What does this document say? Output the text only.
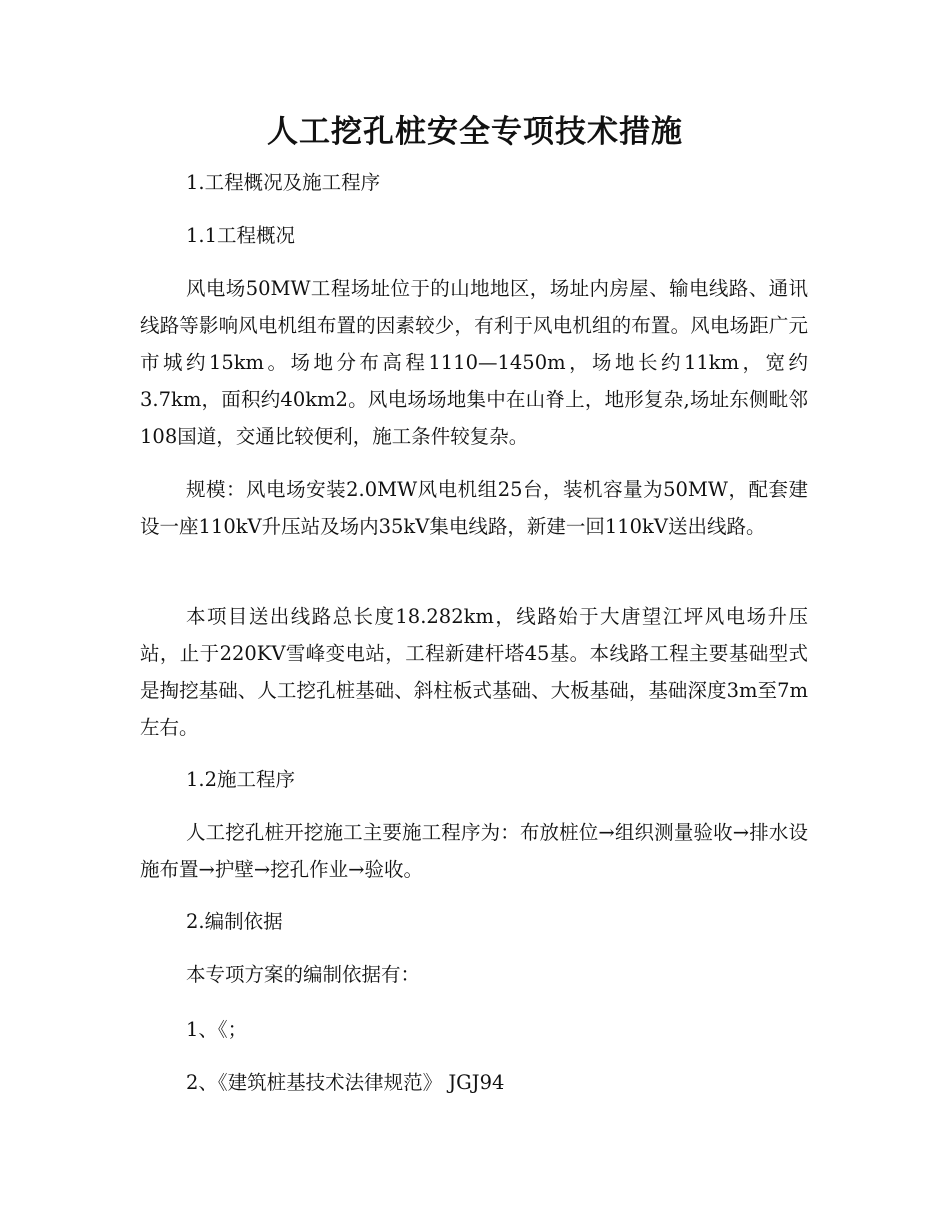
人工挖孔桩安全专项技术措施
1.工程概况及施工程序
1.1工程概况
风电场50MW工程场址位于的山地地区，场址内房屋、输电线路、通讯线路等影响风电机组布置的因素较少，有利于风电机组的布置。风电场距广元市城约15km。场地分布高程1110—1450m，场地长约11km，宽约3.7km，面积约40km2。风电场场地集中在山脊上，地形复杂,场址东侧毗邻108国道，交通比较便利，施工条件较复杂。
规模：风电场安装2.0MW风电机组25台，装机容量为50MW，配套建设一座110kV升压站及场内35kV集电线路，新建一回110kV送出线路。
本项目送出线路总长度18.282km，线路始于大唐望江坪风电场升压站，止于220KV雪峰变电站，工程新建杆塔45基。本线路工程主要基础型式是掏挖基础、人工挖孔桩基础、斜柱板式基础、大板基础，基础深度3m至7m左右。
1.2施工程序
人工挖孔桩开挖施工主要施工程序为：布放桩位→组织测量验收→排水设施布置→护壁→挖孔作业→验收。
2.编制依据
本专项方案的编制依据有：
1、《；
2、《建筑桩基技术法律规范》 JGJ94
